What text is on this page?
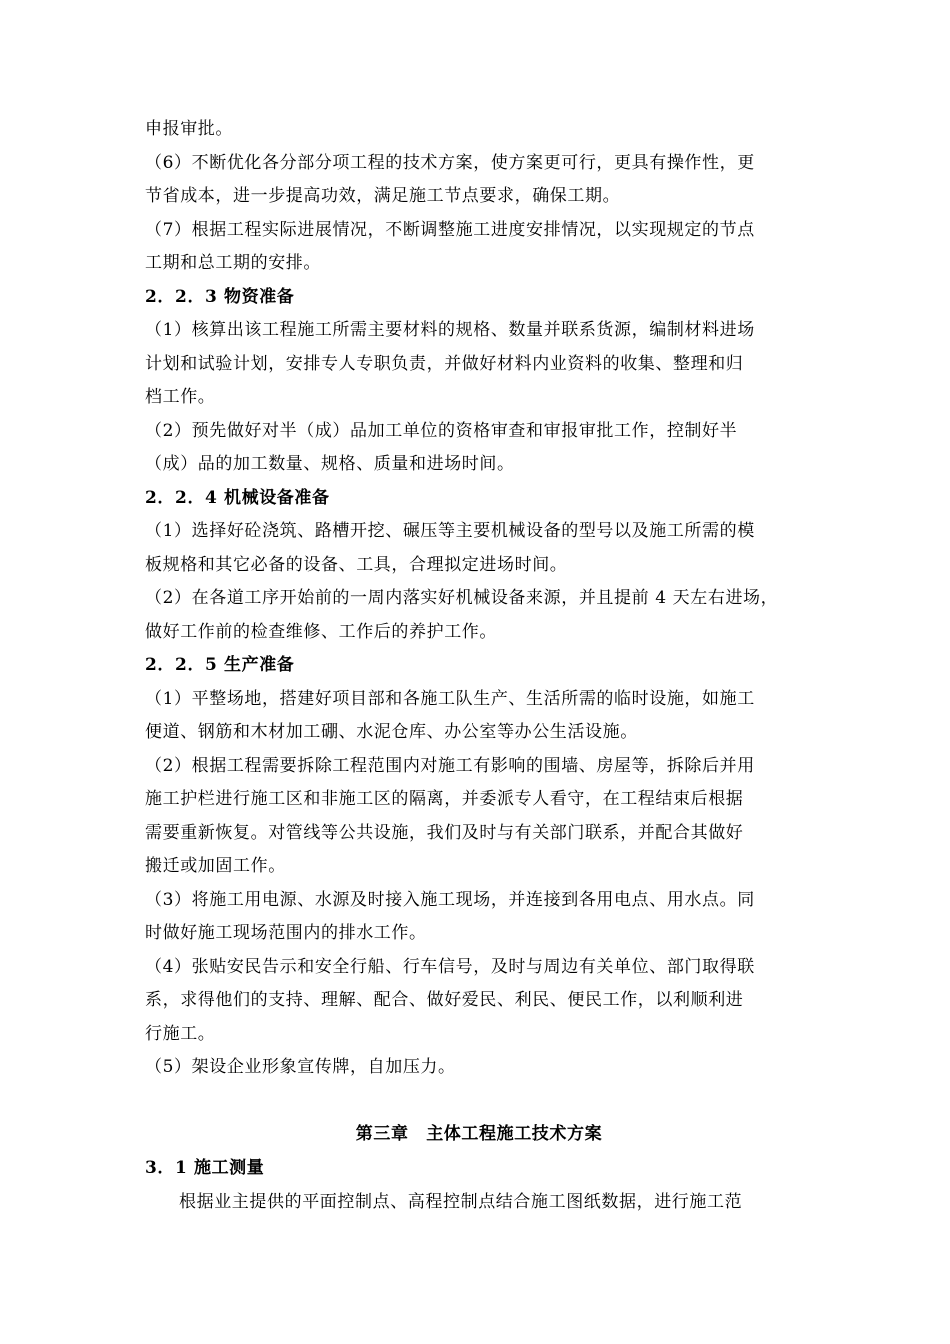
申报审批。
（6）不断优化各分部分项工程的技术方案，使方案更可行，更具有操作性，更
节省成本，进一步提高功效，满足施工节点要求，确保工期。
（7）根据工程实际进展情况，不断调整施工进度安排情况，以实现规定的节点
工期和总工期的安排。
2．2．3 物资准备
（1）核算出该工程施工所需主要材料的规格、数量并联系货源，编制材料进场
计划和试验计划，安排专人专职负责，并做好材料内业资料的收集、整理和归
档工作。
（2）预先做好对半（成）品加工单位的资格审查和审报审批工作，控制好半
（成）品的加工数量、规格、质量和进场时间。
2．2．4 机械设备准备
（1）选择好砼浇筑、路槽开挖、碾压等主要机械设备的型号以及施工所需的模
板规格和其它必备的设备、工具，合理拟定进场时间。
（2）在各道工序开始前的一周内落实好机械设备来源，并且提前 4 天左右进场，
做好工作前的检查维修、工作后的养护工作。
2．2．5 生产准备
（1）平整场地，搭建好项目部和各施工队生产、生活所需的临时设施，如施工
便道、钢筋和木材加工硼、水泥仓库、办公室等办公生活设施。
（2）根据工程需要拆除工程范围内对施工有影响的围墙、房屋等，拆除后并用
施工护栏进行施工区和非施工区的隔离，并委派专人看守，在工程结束后根据
需要重新恢复。对管线等公共设施，我们及时与有关部门联系，并配合其做好
搬迁或加固工作。
（3）将施工用电源、水源及时接入施工现场，并连接到各用电点、用水点。同
时做好施工现场范围内的排水工作。
（4）张贴安民告示和安全行船、行车信号，及时与周边有关单位、部门取得联
系，求得他们的支持、理解、配合、做好爱民、利民、便民工作，以利顺利进
行施工。
（5）架设企业形象宣传牌，自加压力。
第三章　主体工程施工技术方案
3．1 施工测量
根据业主提供的平面控制点、高程控制点结合施工图纸数据，进行施工范
